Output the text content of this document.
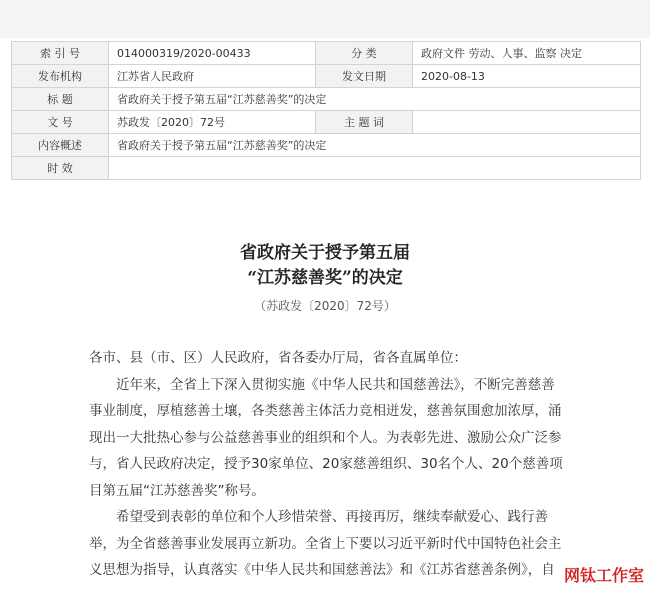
索 引 号	014000319/2020-00433	分 类	政府文件 劳动、人事、监察 决定
发布机构	江苏省人民政府	发文日期	2020-08-13
标 题	省政府关于授予第五届“江苏慈善奖”的决定		
文 号	苏政发〔2020〕72号	主 题 词	
内容概述	省政府关于授予第五届“江苏慈善奖”的决定		
时 效			
省政府关于授予第五届
“江苏慈善奖”的决定
（苏政发〔2020〕72号）

各市、县（市、区）人民政府，省各委办厅局，省各直属单位：

近年来，全省上下深入贯彻实施《中华人民共和国慈善法》，不断完善慈善事业制度，厚植慈善土壤，各类慈善主体活力竞相迸发，慈善氛围愈加浓厚，涌现出一大批热心参与公益慈善事业的组织和个人。为表彰先进、激励公众广泛参与，省人民政府决定，授予30家单位、20家慈善组织、30名个人、20个慈善项目第五届“江苏慈善奖”称号。

希望受到表彰的单位和个人珍惜荣誉、再接再厉，继续奉献爱心、践行善举，为全省慈善事业发展再立新功。全省上下要以习近平新时代中国特色社会主义思想为指导，认真落实《中华人民共和国慈善法》和《江苏省慈善条例》，自 网钛工作室
